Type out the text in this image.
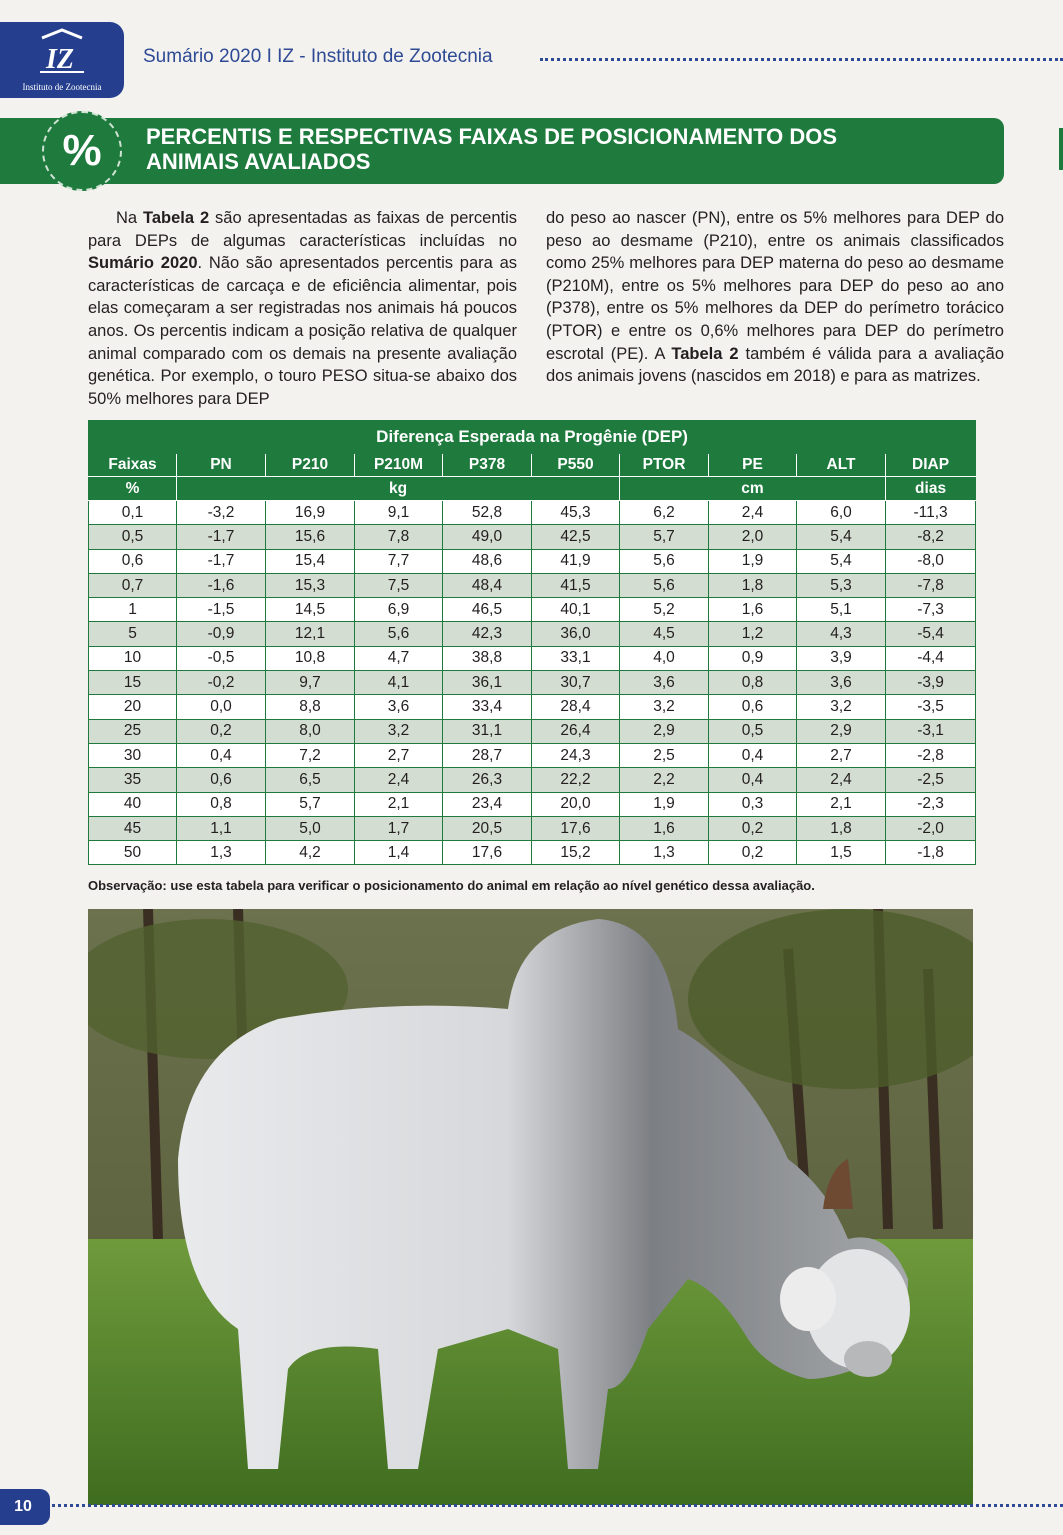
IZ
Instituto de Zootecnia
Sumário 2020 I IZ - Instituto de Zootecnia
% PERCENTIS E RESPECTIVAS FAIXAS DE POSICIONAMENTO DOS
ANIMAIS AVALIADOS
Na Tabela 2 são apresentadas as faixas de percentis para DEPs de algumas características incluídas no Sumário 2020. Não são apresentados percentis para as características de carcaça e de eficiência alimentar, pois elas começaram a ser registradas nos animais há poucos anos. Os percentis indicam a posição relativa de qualquer animal comparado com os demais na presente avaliação genética. Por exemplo, o touro PESO situa-se abaixo dos 50% melhores para DEP
do peso ao nascer (PN), entre os 5% melhores para DEP do peso ao desmame (P210), entre os animais classificados como 25% melhores para DEP materna do peso ao desmame (P210M), entre os 5% melhores para DEP do peso ao ano (P378), entre os 5% melhores da DEP do perímetro torácico (PTOR) e entre os 0,6% melhores para DEP do perímetro escrotal (PE). A Tabela 2 também é válida para a avaliação dos animais jovens (nascidos em 2018) e para as matrizes.
Diferença Esperada na Progênie (DEP)									
Faixas	PN	P210	P210M	P378	P550	PTOR	PE	ALT	DIAP
%	kg					cm			dias
0,1	-3,2	16,9	9,1	52,8	45,3	6,2	2,4	6,0	-11,3
0,5	-1,7	15,6	7,8	49,0	42,5	5,7	2,0	5,4	-8,2
0,6	-1,7	15,4	7,7	48,6	41,9	5,6	1,9	5,4	-8,0
0,7	-1,6	15,3	7,5	48,4	41,5	5,6	1,8	5,3	-7,8
1	-1,5	14,5	6,9	46,5	40,1	5,2	1,6	5,1	-7,3
5	-0,9	12,1	5,6	42,3	36,0	4,5	1,2	4,3	-5,4
10	-0,5	10,8	4,7	38,8	33,1	4,0	0,9	3,9	-4,4
15	-0,2	9,7	4,1	36,1	30,7	3,6	0,8	3,6	-3,9
20	0,0	8,8	3,6	33,4	28,4	3,2	0,6	3,2	-3,5
25	0,2	8,0	3,2	31,1	26,4	2,9	0,5	2,9	-3,1
30	0,4	7,2	2,7	28,7	24,3	2,5	0,4	2,7	-2,8
35	0,6	6,5	2,4	26,3	22,2	2,2	0,4	2,4	-2,5
40	0,8	5,7	2,1	23,4	20,0	1,9	0,3	2,1	-2,3
45	1,1	5,0	1,7	20,5	17,6	1,6	0,2	1,8	-2,0
50	1,3	4,2	1,4	17,6	15,2	1,3	0,2	1,5	-1,8
Observação: use esta tabela para verificar o posicionamento do animal em relação ao nível genético dessa avaliação.
10
